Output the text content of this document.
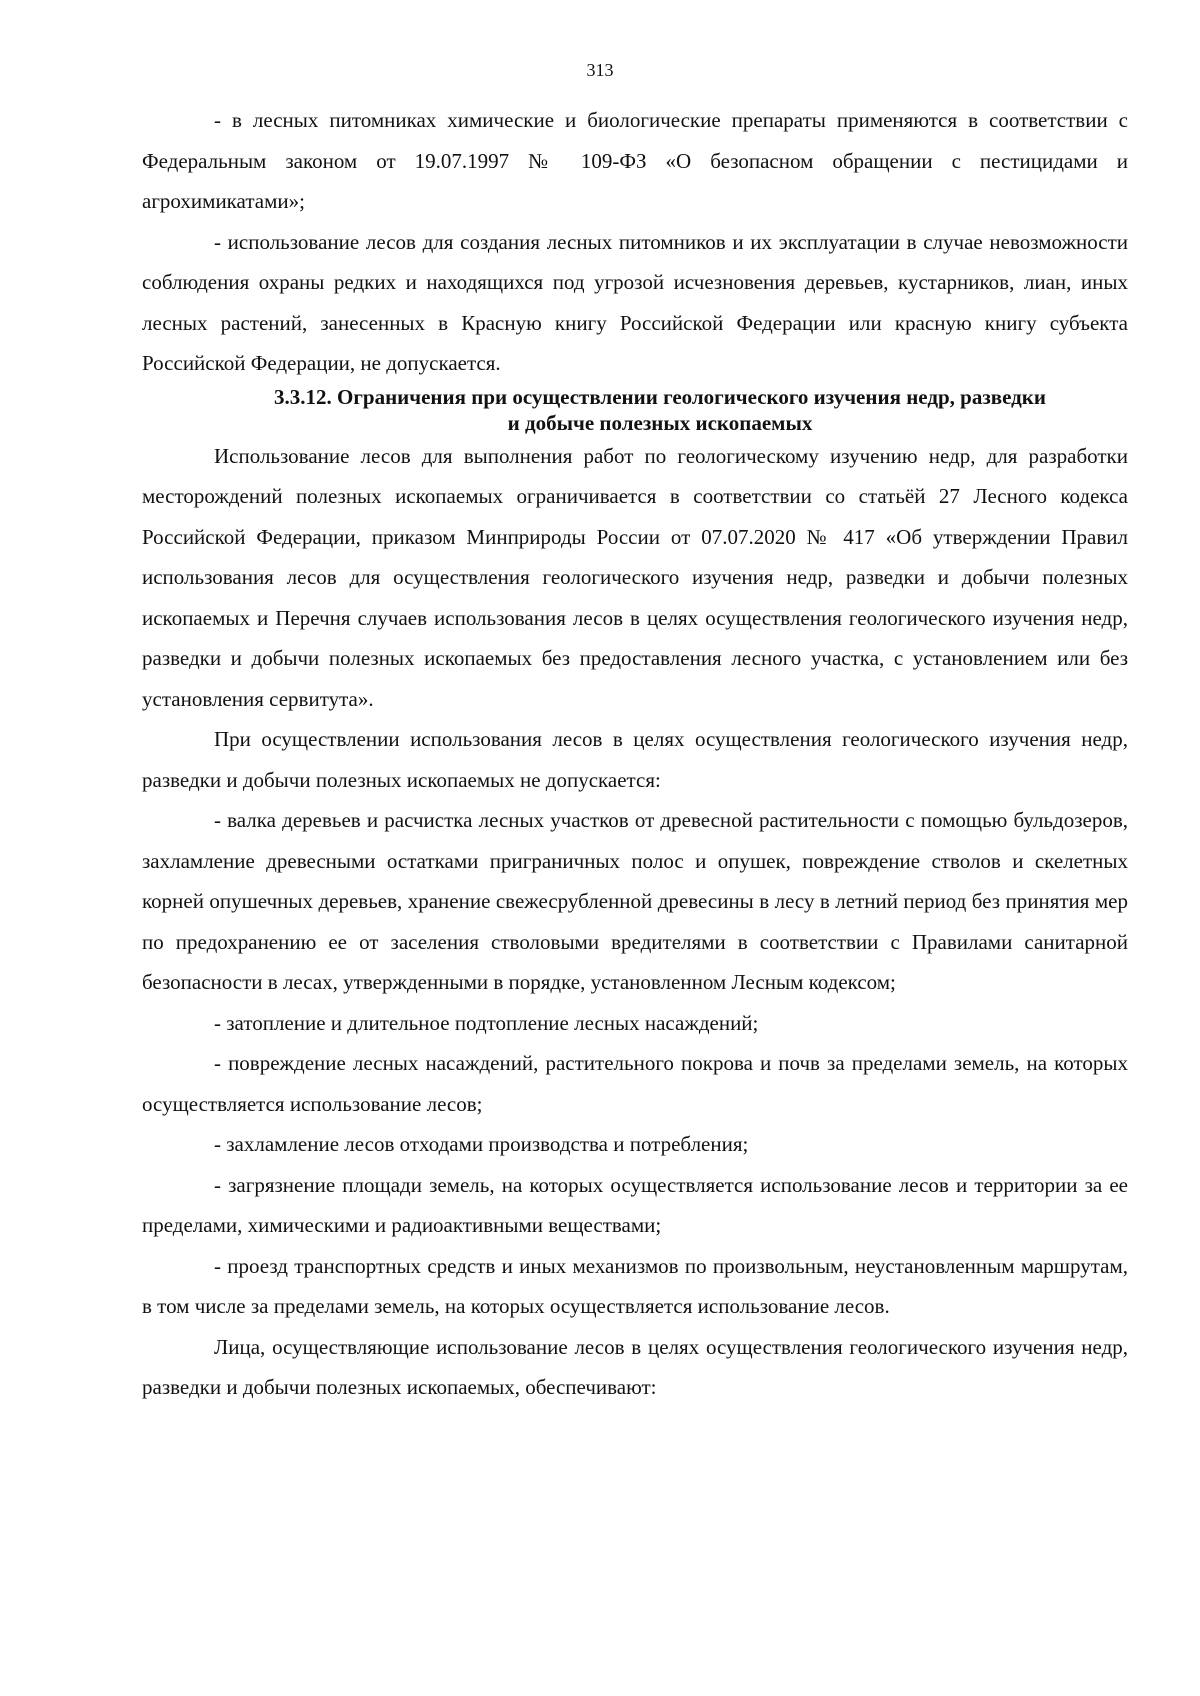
313

- в лесных питомниках химические и биологические препараты применяются в соответствии с Федеральным законом от 19.07.1997 № 109-ФЗ «О безопасном обращении с пестицидами и агрохимикатами»;

- использование лесов для создания лесных питомников и их эксплуатации в случае невозможности соблюдения охраны редких и находящихся под угрозой исчезновения деревьев, кустарников, лиан, иных лесных растений, занесенных в Красную книгу Российской Федерации или красную книгу субъекта Российской Федерации, не допускается.

3.3.12. Ограничения при осуществлении геологического изучения недр, разведки
и добыче полезных ископаемых

Использование лесов для выполнения работ по геологическому изучению недр, для разработки месторождений полезных ископаемых ограничивается в соответствии со статьёй 27 Лесного кодекса Российской Федерации, приказом Минприроды России от 07.07.2020 № 417 «Об утверждении Правил использования лесов для осуществления геологического изучения недр, разведки и добычи полезных ископаемых и Перечня случаев использования лесов в целях осуществления геологического изучения недр, разведки и добычи полезных ископаемых без предоставления лесного участка, с установлением или без установления сервитута».

При осуществлении использования лесов в целях осуществления геологического изучения недр, разведки и добычи полезных ископаемых не допускается:

- валка деревьев и расчистка лесных участков от древесной растительности с помощью бульдозеров, захламление древесными остатками приграничных полос и опушек, повреждение стволов и скелетных корней опушечных деревьев, хранение свежесрубленной древесины в лесу в летний период без принятия мер по предохранению ее от заселения стволовыми вредителями в соответствии с Правилами санитарной безопасности в лесах, утвержденными в порядке, установленном Лесным кодексом;

- затопление и длительное подтопление лесных насаждений;

- повреждение лесных насаждений, растительного покрова и почв за пределами земель, на которых осуществляется использование лесов;

- захламление лесов отходами производства и потребления;

- загрязнение площади земель, на которых осуществляется использование лесов и территории за ее пределами, химическими и радиоактивными веществами;

- проезд транспортных средств и иных механизмов по произвольным, неустановленным маршрутам, в том числе за пределами земель, на которых осуществляется использование лесов.

Лица, осуществляющие использование лесов в целях осуществления геологического изучения недр, разведки и добычи полезных ископаемых, обеспечивают:
